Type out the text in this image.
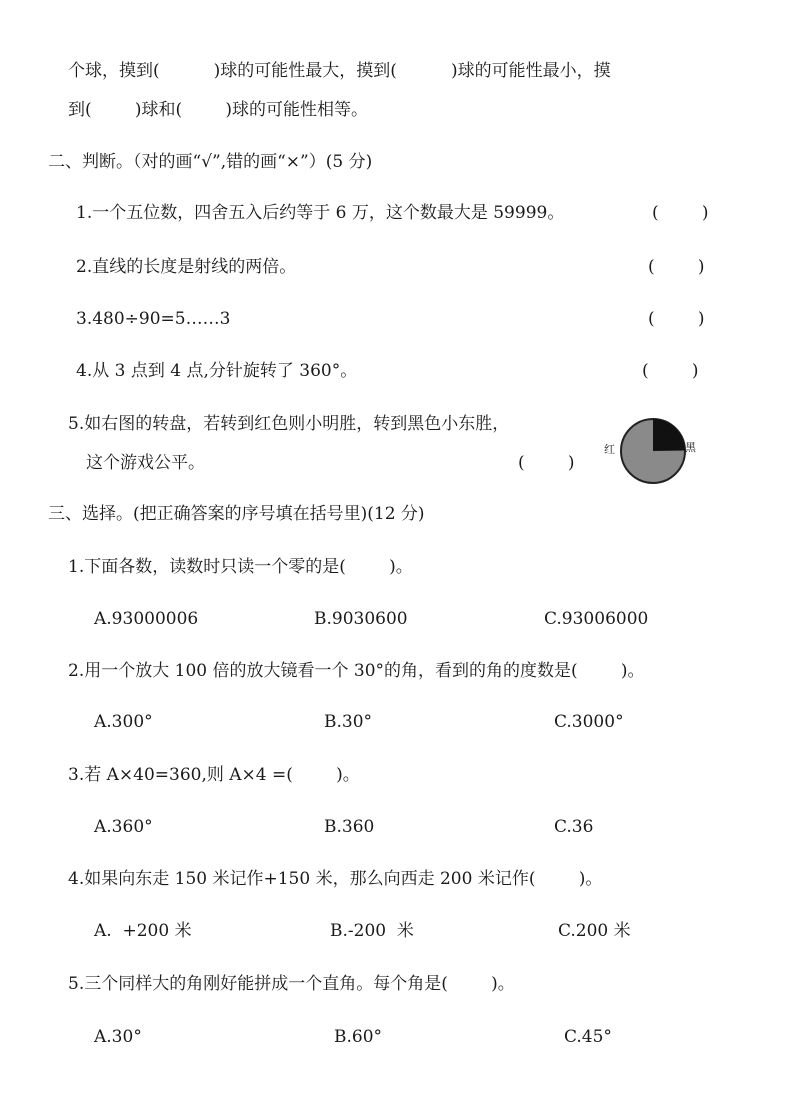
个球，摸到(          )球的可能性最大，摸到(          )球的可能性最小，摸
到(        )球和(        )球的可能性相等。
二、判断。（对的画“√”,错的画“×”）(5 分)
1.一个五位数，四舍五入后约等于 6 万，这个数最大是 59999。	(        )
2.直线的长度是射线的两倍。	(        )
3.480÷90=5……3	(        )
4.从 3 点到 4 点,分针旋转了 360°。	(        )
5.如右图的转盘，若转到红色则小明胜，转到黑色小东胜，
这个游戏公平。	(        )
红	黑
三、选择。(把正确答案的序号填在括号里)(12 分)
1.下面各数，读数时只读一个零的是(        )。
A.93000006	B.9030600	C.93006000
2.用一个放大 100 倍的放大镜看一个 30°的角，看到的角的度数是(        )。
A.300°	B.30°	C.3000°
3.若 A×40=360,则 A×4 =(        )。
A.360°	B.360	C.36
4.如果向东走 150 米记作+150 米，那么向西走 200 米记作(        )。
A.  +200 米	B.-200  米	C.200 米
5.三个同样大的角刚好能拼成一个直角。每个角是(        )。
A.30°	B.60°	C.45°
